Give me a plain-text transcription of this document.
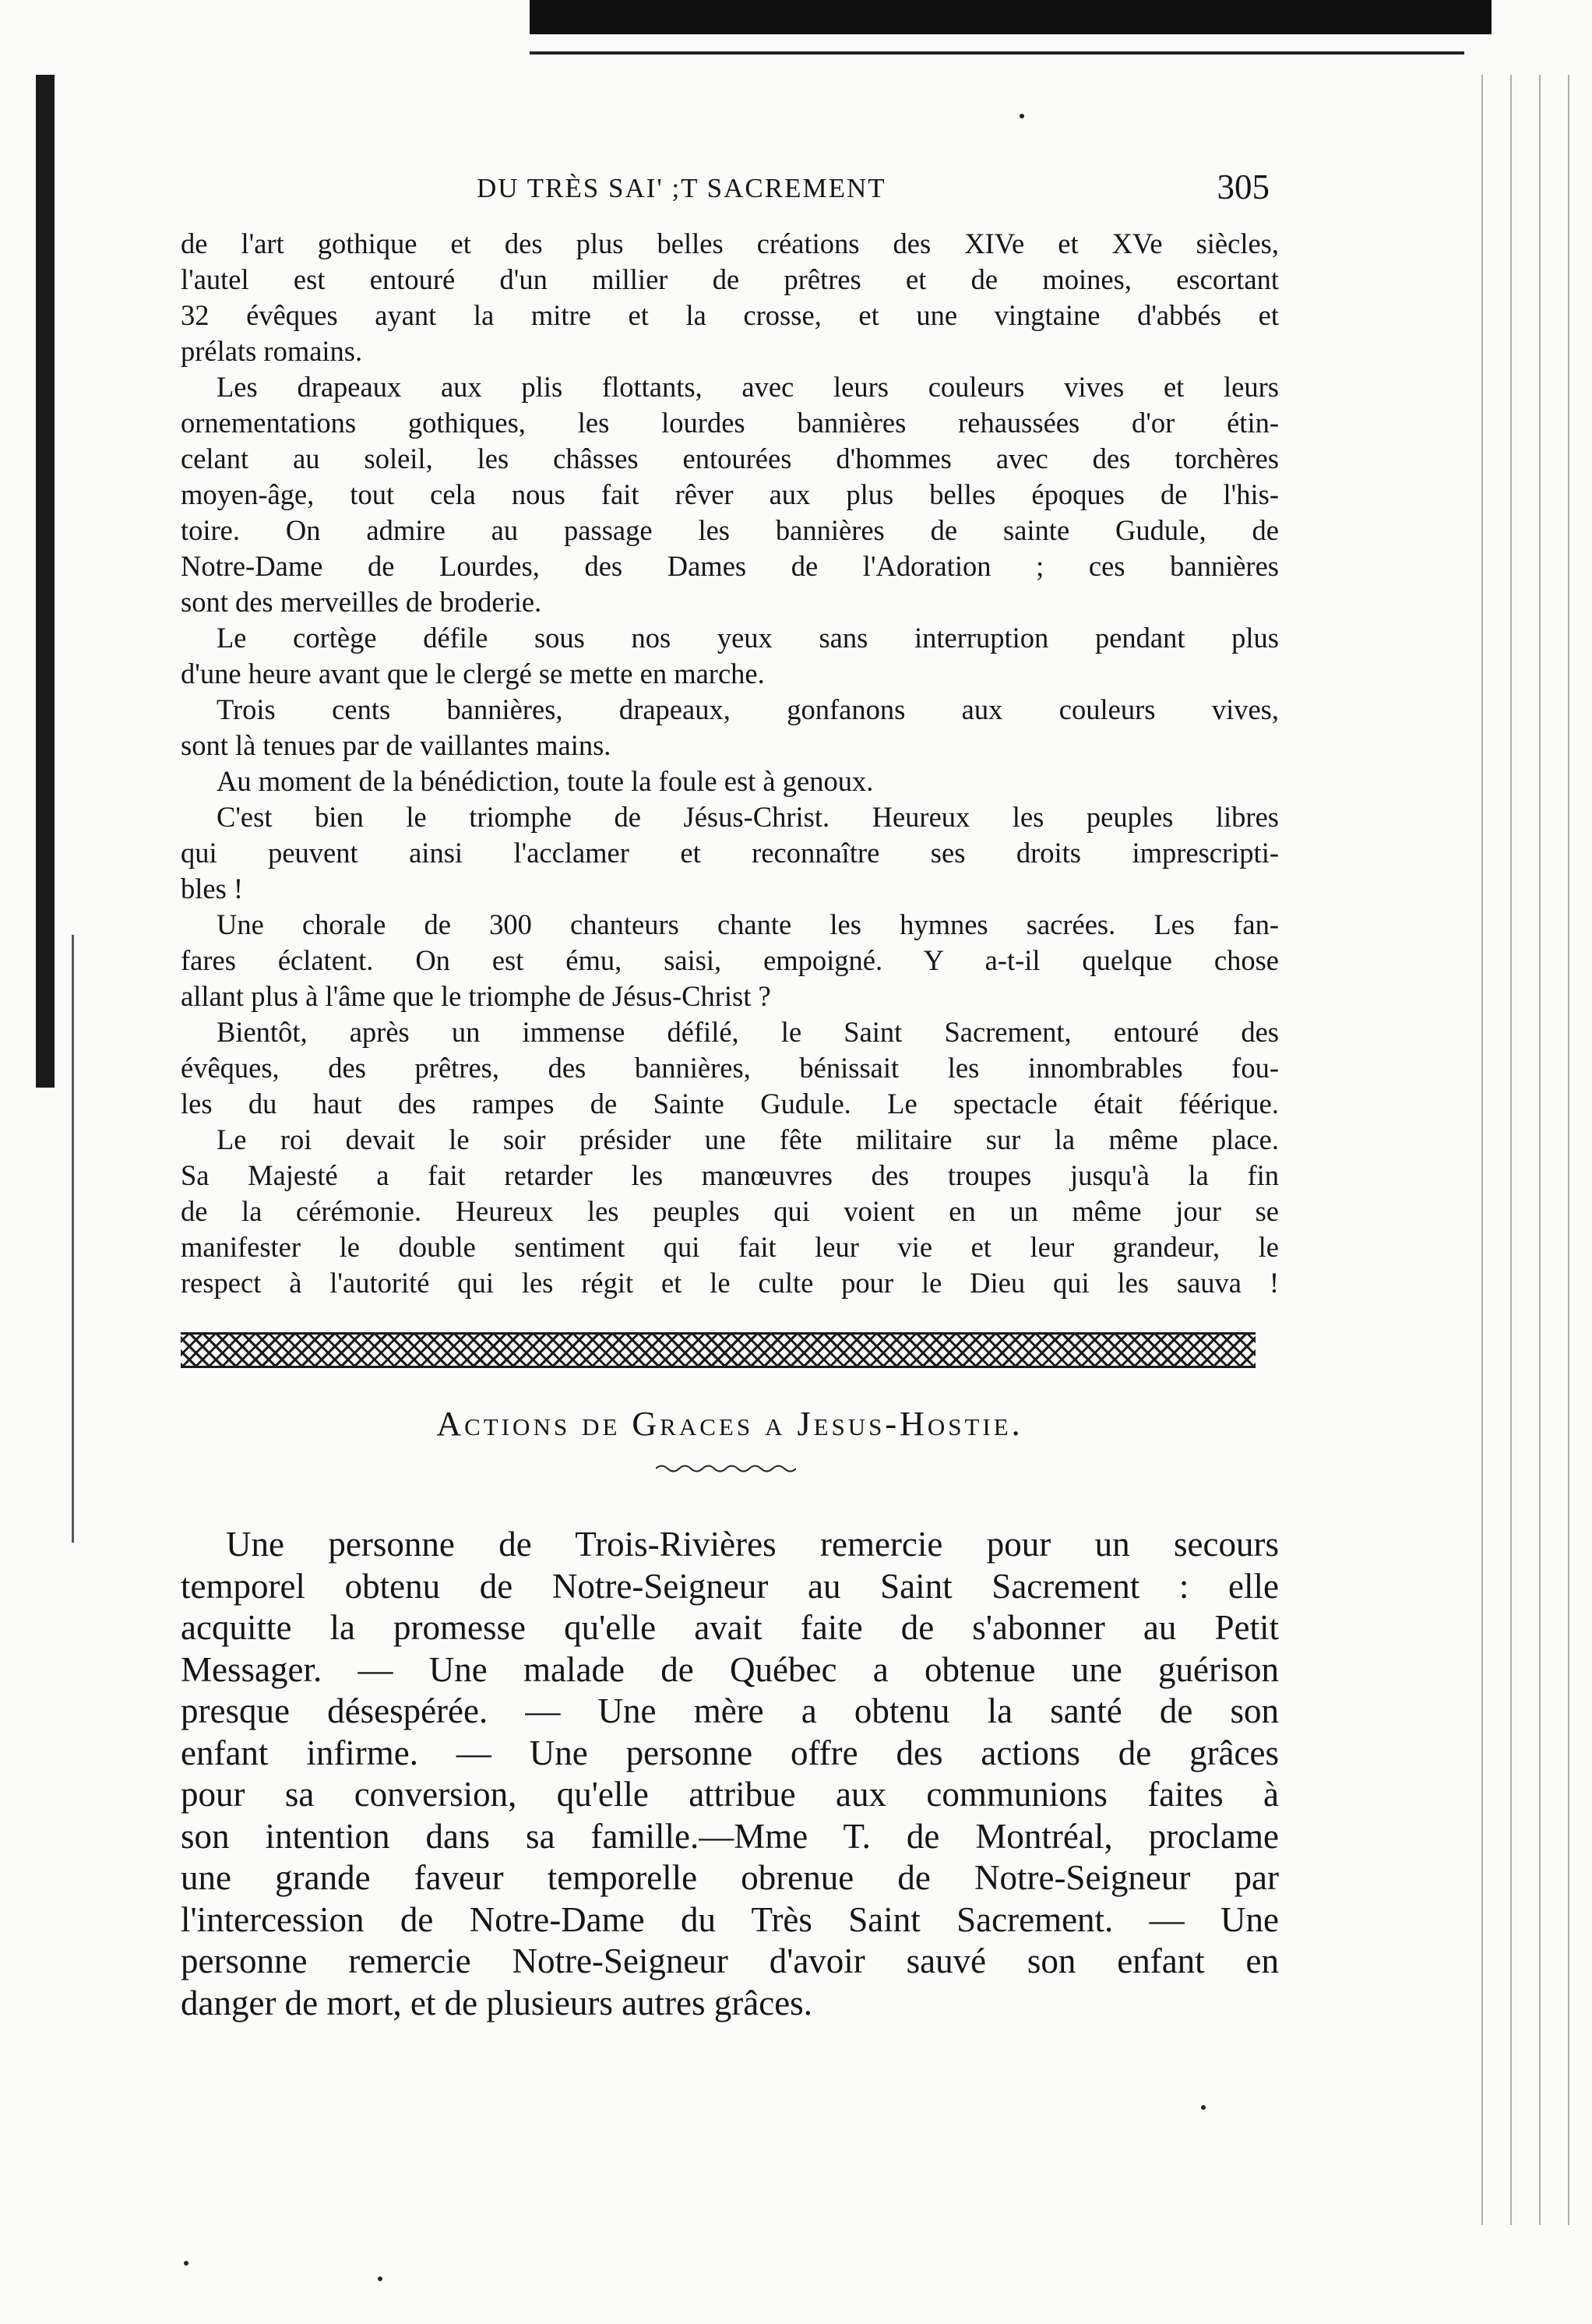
DU TRÈS SAI' ;T SACREMENT	305
de l'art gothique et des plus belles créations des XIVe et XVe siècles,
l'autel est entouré d'un millier de prêtres et de moines, escortant
32 évêques ayant la mitre et la crosse, et une vingtaine d'abbés et
prélats romains.
Les drapeaux aux plis flottants, avec leurs couleurs vives et leurs
ornementations gothiques, les lourdes bannières rehaussées d'or étin-
celant au soleil, les châsses entourées d'hommes avec des torchères
moyen-âge, tout cela nous fait rêver aux plus belles époques de l'his-
toire. On admire au passage les bannières de sainte Gudule, de
Notre-Dame de Lourdes, des Dames de l'Adoration ; ces bannières
sont des merveilles de broderie.
Le cortège défile sous nos yeux sans interruption pendant plus
d'une heure avant que le clergé se mette en marche.
Trois cents bannières, drapeaux, gonfanons aux couleurs vives,
sont là tenues par de vaillantes mains.
Au moment de la bénédiction, toute la foule est à genoux.
C'est bien le triomphe de Jésus-Christ. Heureux les peuples libres
qui peuvent ainsi l'acclamer et reconnaître ses droits imprescripti-
bles !
Une chorale de 300 chanteurs chante les hymnes sacrées. Les fan-
fares éclatent. On est ému, saisi, empoigné. Y a-t-il quelque chose
allant plus à l'âme que le triomphe de Jésus-Christ ?
Bientôt, après un immense défilé, le Saint Sacrement, entouré des
évêques, des prêtres, des bannières, bénissait les innombrables fou-
les du haut des rampes de Sainte Gudule. Le spectacle était féérique.
Le roi devait le soir présider une fête militaire sur la même place.
Sa Majesté a fait retarder les manœuvres des troupes jusqu'à la fin
de la cérémonie. Heureux les peuples qui voient en un même jour se
manifester le double sentiment qui fait leur vie et leur grandeur, le
respect à l'autorité qui les régit et le culte pour le Dieu qui les sauva !
Actions de Graces a Jesus-Hostie.
Une personne de Trois-Rivières remercie pour un secours
temporel obtenu de Notre-Seigneur au Saint Sacrement : elle
acquitte la promesse qu'elle avait faite de s'abonner au Petit
Messager. — Une malade de Québec a obtenue une guérison
presque désespérée. — Une mère a obtenu la santé de son
enfant infirme. — Une personne offre des actions de grâces
pour sa conversion, qu'elle attribue aux communions faites à
son intention dans sa famille.—Mme T. de Montréal, proclame
une grande faveur temporelle obrenue de Notre-Seigneur par
l'intercession de Notre-Dame du Très Saint Sacrement. — Une
personne remercie Notre-Seigneur d'avoir sauvé son enfant en
danger de mort, et de plusieurs autres grâces.
